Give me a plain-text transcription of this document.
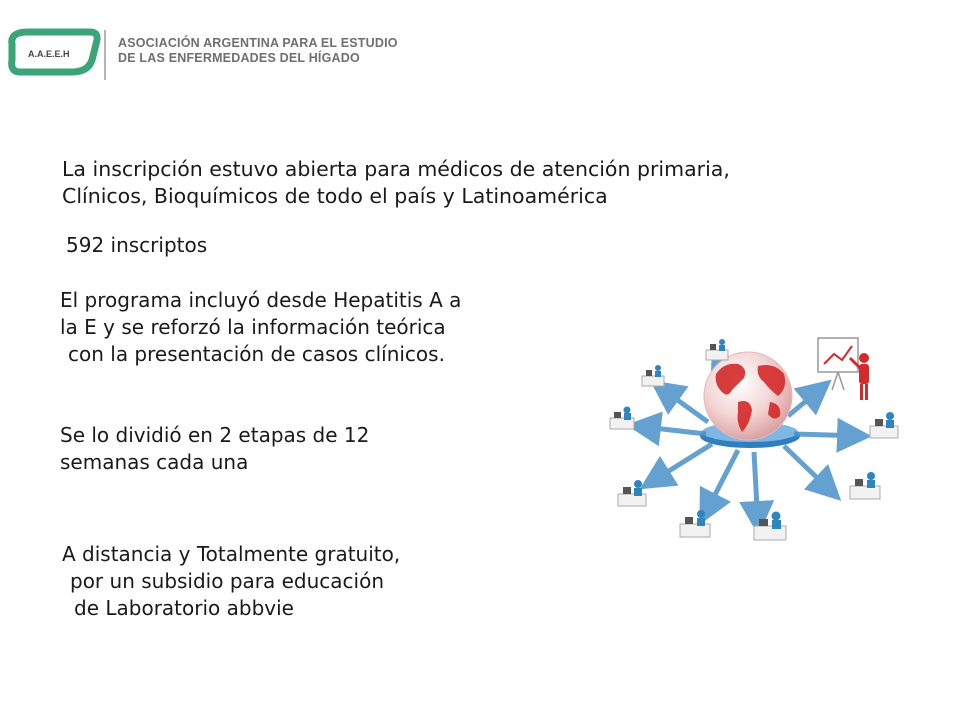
A.A.E.E.H
ASOCIACIÓN ARGENTINA PARA EL ESTUDIO
DE LAS ENFERMEDADES DEL HÍGADO
La inscripción estuvo abierta para médicos de atención primaria,
Clínicos, Bioquímicos de todo el país y Latinoamérica
592 inscriptos
El programa incluyó desde Hepatitis A a
la E y se reforzó la información teórica
con la presentación de casos clínicos.
Se lo dividió en 2 etapas de 12
semanas cada una
A distancia y Totalmente gratuito,
por un subsidio para educación
de Laboratorio abbvie
